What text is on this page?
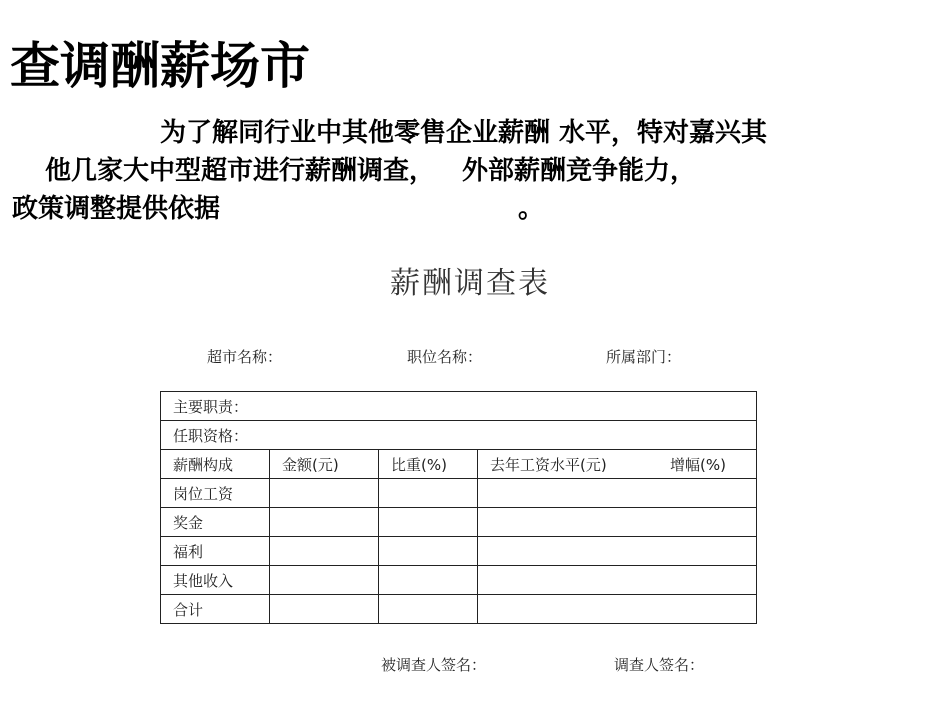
查调酬薪场市
为了解同行业中其他零售企业薪酬 水平，特对嘉兴其
他几家大中型超市进行薪酬调查， 外部薪酬竞争能力，
政策调整提供依据	。
薪酬调查表
超市名称：	职位名称：	所属部门：
主要职责：			
任职资格：			
薪酬构成	金额(元)	比重(%)	去年工资水平(元) 增幅(%)

岗位工资			
奖金			
福利			
其他收入			
合计			
被调查人签名：	调查人签名：
